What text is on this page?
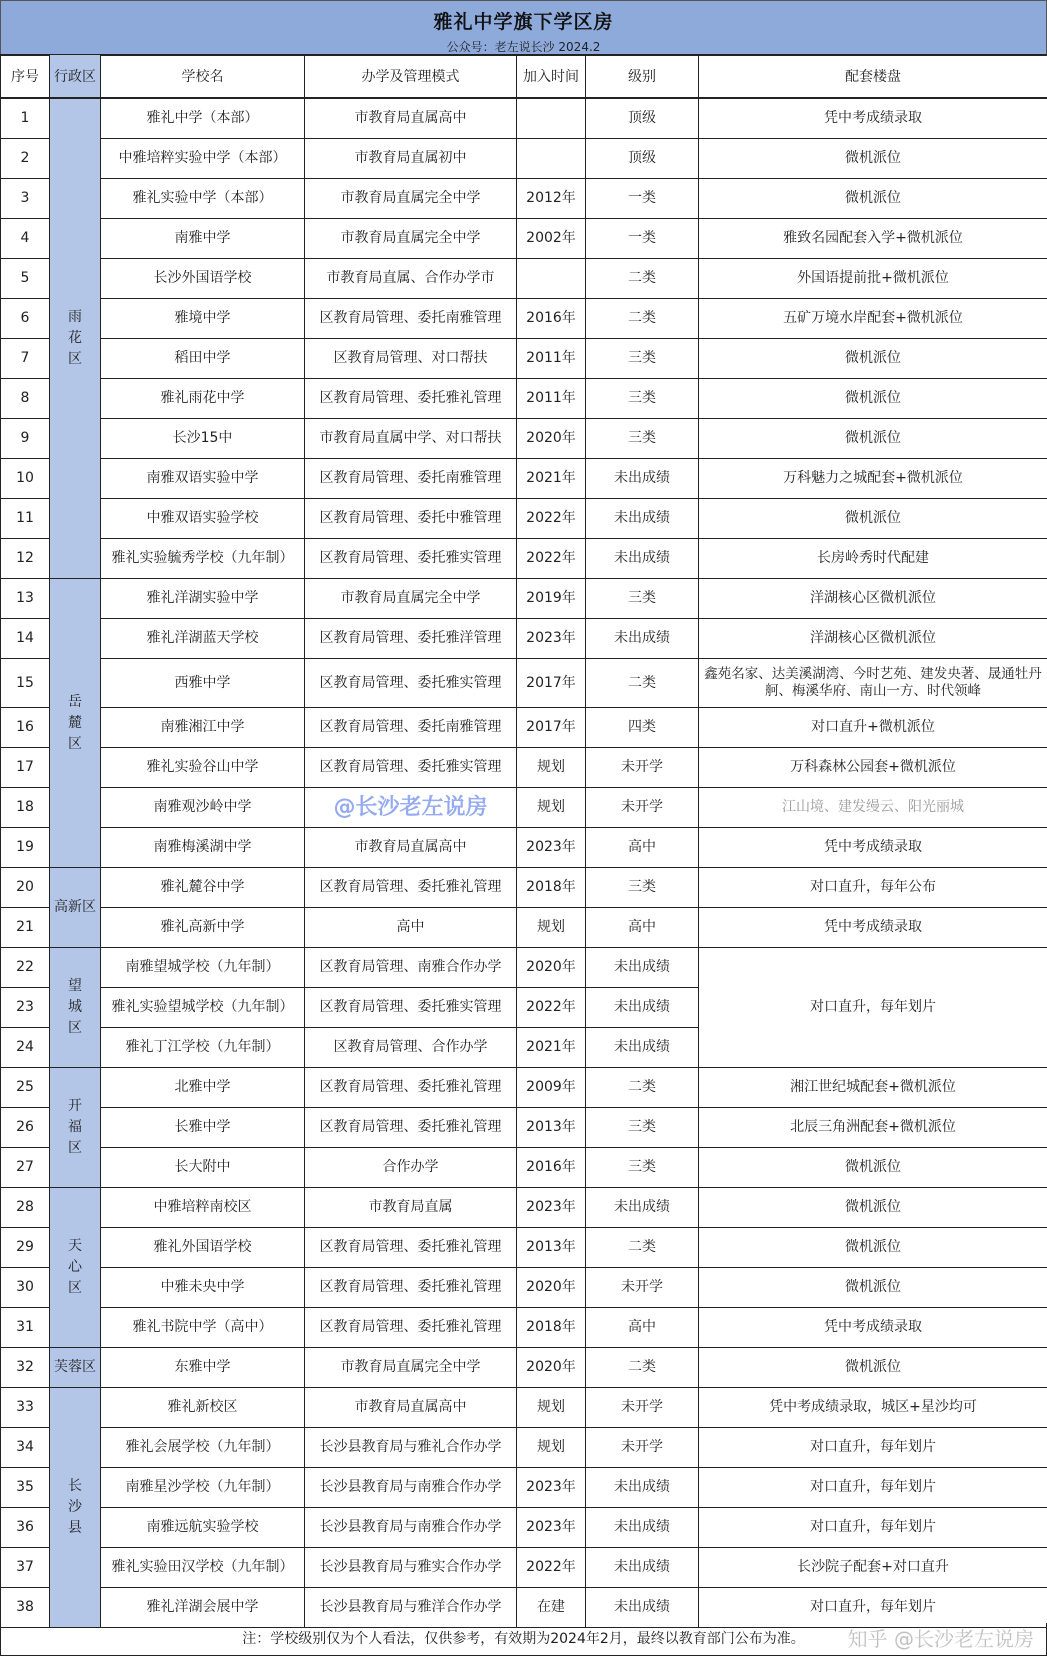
雅礼中学旗下学区房
公众号：老左说长沙 2024.2
序号	行政区	学校名	办学及管理模式	加入时间	级别	配套楼盘
1	雨花区	雅礼中学（本部）	市教育局直属高中		顶级	凭中考成绩录取
2		中雅培粹实验中学（本部）	市教育局直属初中		顶级	微机派位
3		雅礼实验中学（本部）	市教育局直属完全中学	2012年	一类	微机派位
4		南雅中学	市教育局直属完全中学	2002年	一类	雅致名园配套入学+微机派位
5		长沙外国语学校	市教育局直属、合作办学市		二类	外国语提前批+微机派位
6		雅境中学	区教育局管理、委托南雅管理	2016年	二类	五矿万境水岸配套+微机派位
7		稻田中学	区教育局管理、对口帮扶	2011年	三类	微机派位
8		雅礼雨花中学	区教育局管理、委托雅礼管理	2011年	三类	微机派位
9		长沙15中	市教育局直属中学、对口帮扶	2020年	三类	微机派位
10		南雅双语实验中学	区教育局管理、委托南雅管理	2021年	未出成绩	万科魅力之城配套+微机派位
11		中雅双语实验学校	区教育局管理、委托中雅管理	2022年	未出成绩	微机派位
12		雅礼实验毓秀学校（九年制）	区教育局管理、委托雅实管理	2022年	未出成绩	长房岭秀时代配建
13	岳麓区	雅礼洋湖实验中学	市教育局直属完全中学	2019年	三类	洋湖核心区微机派位
14		雅礼洋湖蓝天学校	区教育局管理、委托雅洋管理	2023年	未出成绩	洋湖核心区微机派位
15		西雅中学	区教育局管理、委托雅实管理	2017年	二类	鑫苑名家、达美溪湖湾、今时艺苑、建发央著、晟通牡丹舸、梅溪华府、南山一方、时代领峰
16		南雅湘江中学	区教育局管理、委托南雅管理	2017年	四类	对口直升+微机派位
17		雅礼实验谷山中学	区教育局管理、委托雅实管理	规划	未开学	万科森林公园套+微机派位
18		南雅观沙岭中学	@长沙老左说房	规划	未开学	江山境、建发缦云、阳光丽城
19		南雅梅溪湖中学	市教育局直属高中	2023年	高中	凭中考成绩录取
20	高新区	雅礼麓谷中学	区教育局管理、委托雅礼管理	2018年	三类	对口直升，每年公布
21		雅礼高新中学	高中	规划	高中	凭中考成绩录取
22	望城区	南雅望城学校（九年制）	区教育局管理、南雅合作办学	2020年	未出成绩	对口直升，每年划片
23		雅礼实验望城学校（九年制）	区教育局管理、委托雅实管理	2022年	未出成绩	
24		雅礼丁江学校（九年制）	区教育局管理、合作办学	2021年	未出成绩	
25	开福区	北雅中学	区教育局管理、委托雅礼管理	2009年	二类	湘江世纪城配套+微机派位
26		长雅中学	区教育局管理、委托雅礼管理	2013年	三类	北辰三角洲配套+微机派位
27		长大附中	合作办学	2016年	三类	微机派位
28	天心区	中雅培粹南校区	市教育局直属	2023年	未出成绩	微机派位
29		雅礼外国语学校	区教育局管理、委托雅礼管理	2013年	二类	微机派位
30		中雅未央中学	区教育局管理、委托雅礼管理	2020年	未开学	微机派位
31		雅礼书院中学（高中）	区教育局管理、委托雅礼管理	2018年	高中	凭中考成绩录取
32	芙蓉区	东雅中学	市教育局直属完全中学	2020年	二类	微机派位
33	长沙县	雅礼新校区	市教育局直属高中	规划	未开学	凭中考成绩录取，城区+星沙均可
34		雅礼会展学校（九年制）	长沙县教育局与雅礼合作办学	规划	未开学	对口直升，每年划片
35		南雅星沙学校（九年制）	长沙县教育局与南雅合作办学	2023年	未出成绩	对口直升，每年划片
36		南雅远航实验学校	长沙县教育局与南雅合作办学	2023年	未出成绩	对口直升，每年划片
37		雅礼实验田汉学校（九年制）	长沙县教育局与雅实合作办学	2022年	未出成绩	长沙院子配套+对口直升
38		雅礼洋湖会展中学	长沙县教育局与雅洋合作办学	在建	未出成绩	对口直升，每年划片
注：学校级别仅为个人看法，仅供参考，有效期为2024年2月，最终以教育部门公布为准。 知乎 @长沙老左说房
